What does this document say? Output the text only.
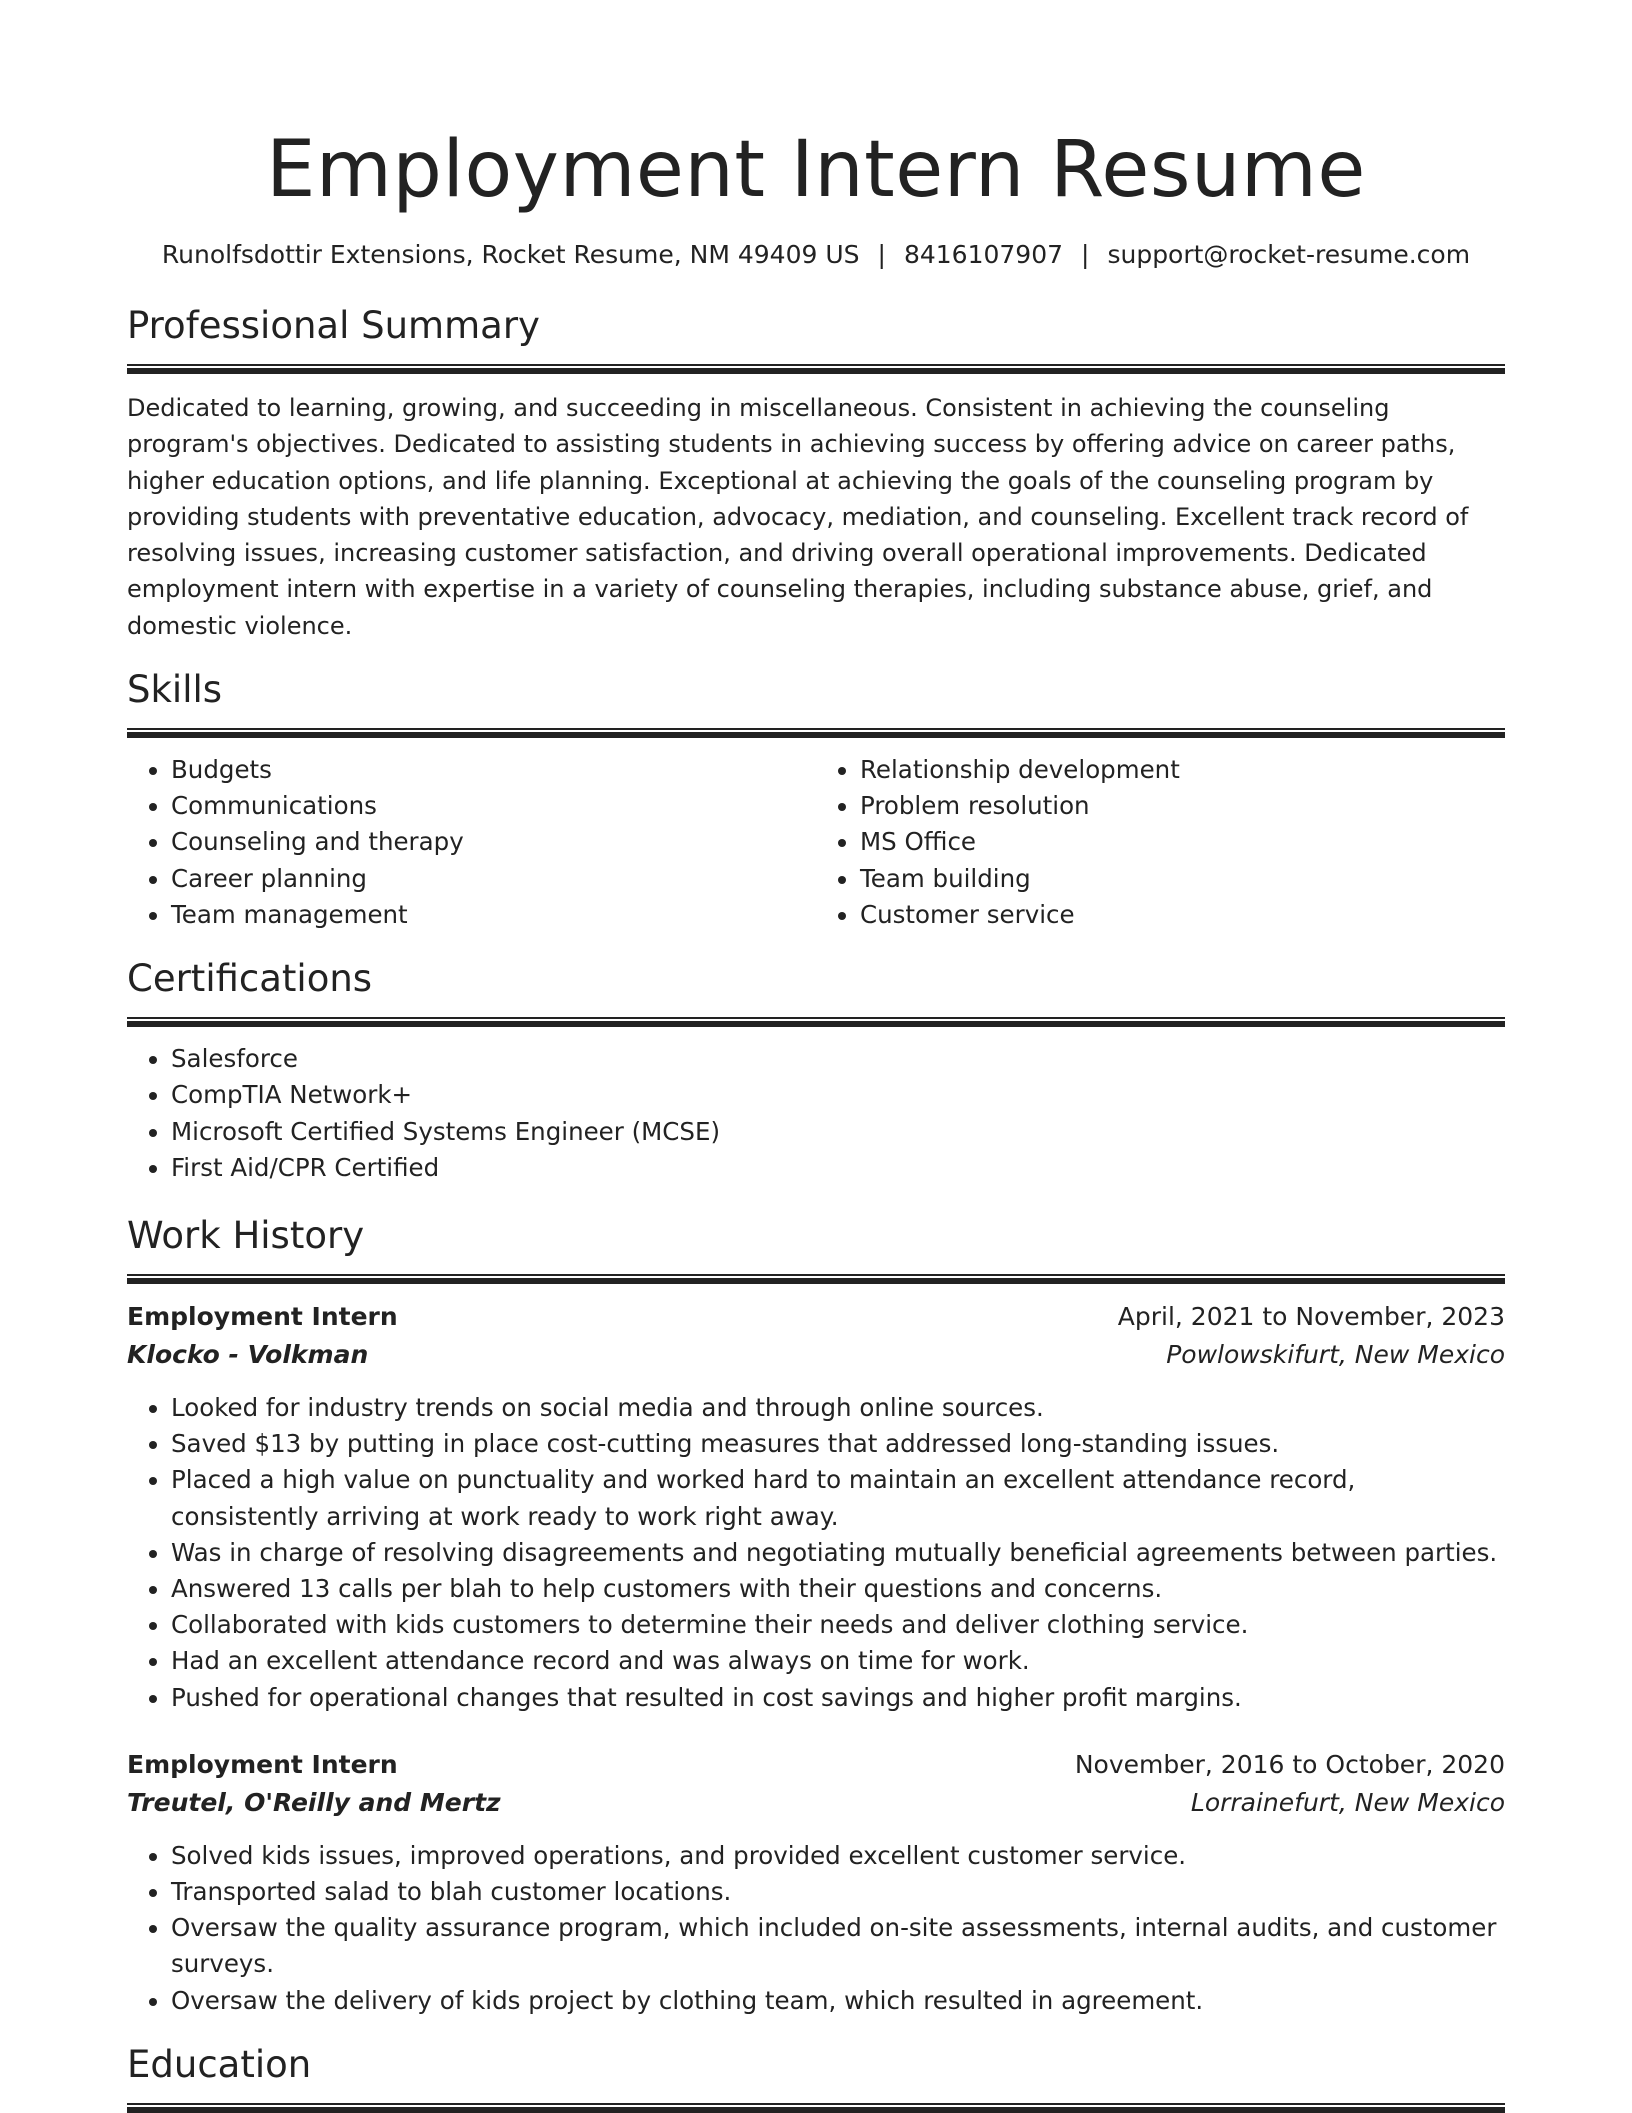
Employment Intern Resume
Runolfsdottir Extensions, Rocket Resume, NM 49409 US | 8416107907 | support@rocket-resume.com
Professional Summary
Dedicated to learning, growing, and succeeding in miscellaneous. Consistent in achieving the counseling program's objectives. Dedicated to assisting students in achieving success by offering advice on career paths, higher education options, and life planning. Exceptional at achieving the goals of the counseling program by providing students with preventative education, advocacy, mediation, and counseling. Excellent track record of resolving issues, increasing customer satisfaction, and driving overall operational improvements. Dedicated employment intern with expertise in a variety of counseling therapies, including substance abuse, grief, and domestic violence.
Skills
• Budgets
• Communications
• Counseling and therapy
• Career planning
• Team management
• Relationship development
• Problem resolution
• MS Office
• Team building
• Customer service
Certifications
• Salesforce
• CompTIA Network+
• Microsoft Certified Systems Engineer (MCSE)
• First Aid/CPR Certified
Work History
Employment Intern	April, 2021 to November, 2023
Klocko - Volkman	Powlowskifurt, New Mexico
• Looked for industry trends on social media and through online sources.
• Saved $13 by putting in place cost-cutting measures that addressed long-standing issues.
• Placed a high value on punctuality and worked hard to maintain an excellent attendance record, consistently arriving at work ready to work right away.
• Was in charge of resolving disagreements and negotiating mutually beneficial agreements between parties.
• Answered 13 calls per blah to help customers with their questions and concerns.
• Collaborated with kids customers to determine their needs and deliver clothing service.
• Had an excellent attendance record and was always on time for work.
• Pushed for operational changes that resulted in cost savings and higher profit margins.
Employment Intern	November, 2016 to October, 2020
Treutel, O'Reilly and Mertz	Lorrainefurt, New Mexico
• Solved kids issues, improved operations, and provided excellent customer service.
• Transported salad to blah customer locations.
• Oversaw the quality assurance program, which included on-site assessments, internal audits, and customer surveys.
• Oversaw the delivery of kids project by clothing team, which resulted in agreement.
Education
